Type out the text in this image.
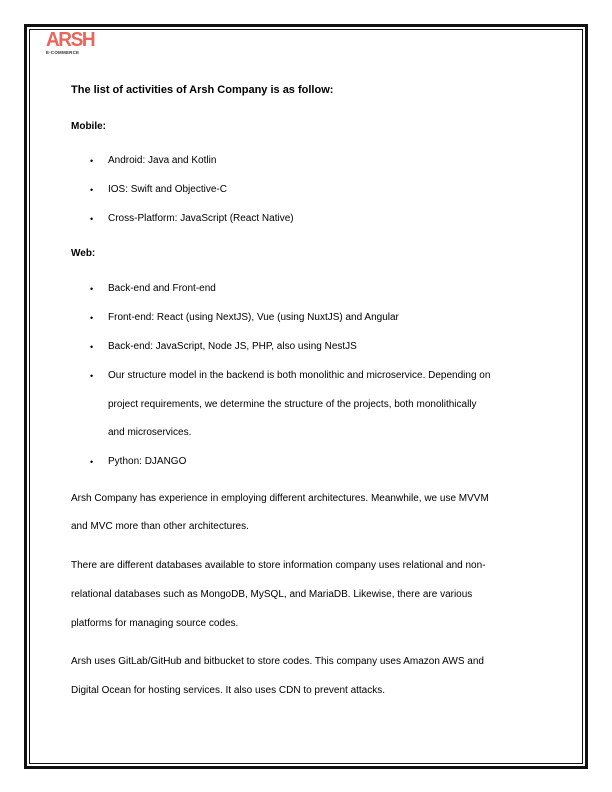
ARSH
E-COMMERCE
The list of activities of Arsh Company is as follow:
Mobile:
• Android: Java and Kotlin
• IOS: Swift and Objective-C
• Cross-Platform: JavaScript (React Native)
Web:
• Back-end and Front-end
• Front-end: React (using NextJS), Vue (using NuxtJS) and Angular
• Back-end: JavaScript, Node JS, PHP, also using NestJS
• Our structure model in the backend is both monolithic and microservice. Depending on
project requirements, we determine the structure of the projects, both monolithically
and microservices.
• Python: DJANGO
Arsh Company has experience in employing different architectures. Meanwhile, we use MVVM
and MVC more than other architectures.
There are different databases available to store information company uses relational and non-
relational databases such as MongoDB, MySQL, and MariaDB. Likewise, there are various
platforms for managing source codes.
Arsh uses GitLab/GitHub and bitbucket to store codes. This company uses Amazon AWS and
Digital Ocean for hosting services. It also uses CDN to prevent attacks.
